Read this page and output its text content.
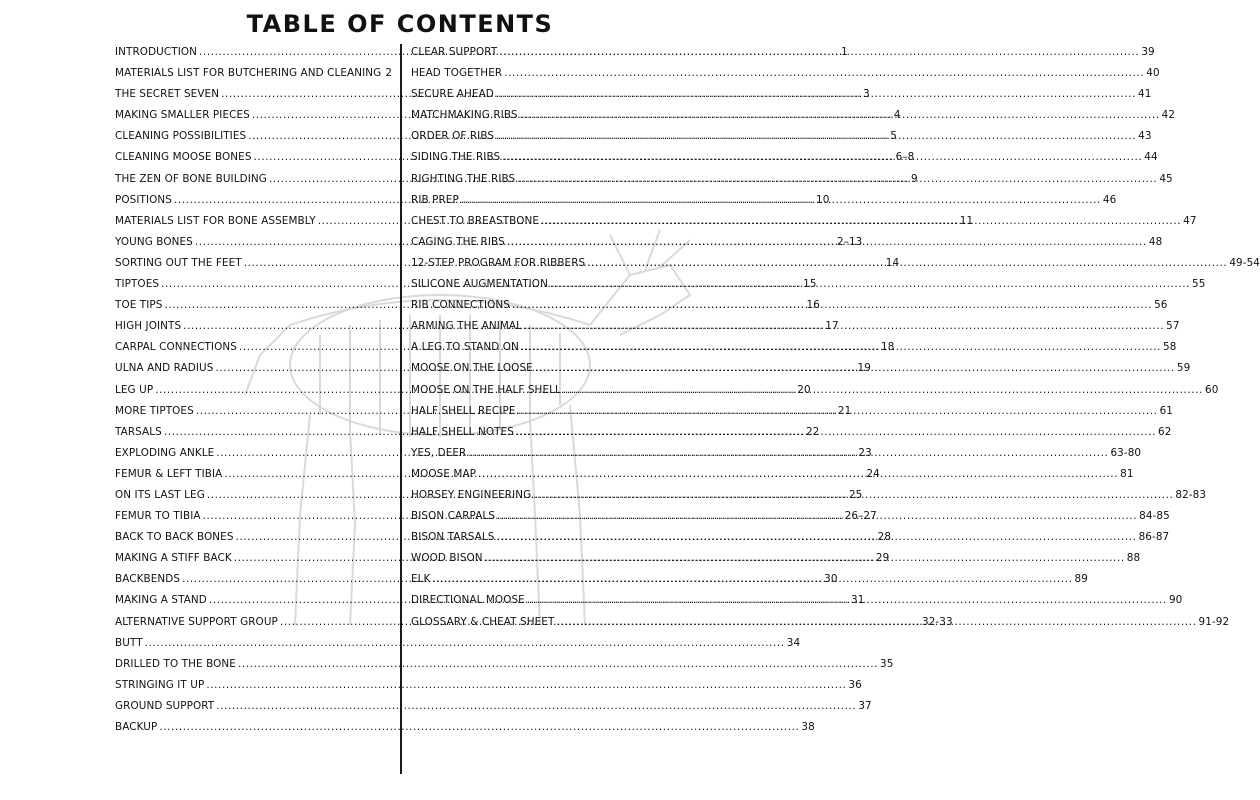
TABLE OF CONTENTS
INTRODUCTION .....	1
MATERIALS LIST FOR BUTCHERING AND CLEANING 2
THE SECRET SEVEN .....	3
MAKING SMALLER PIECES .....	4
CLEANING POSSIBILITIES .....	5
CLEANING MOOSE BONES .....	6–8
THE ZEN OF BONE BUILDING .....	9
POSITIONS .....	10
MATERIALS LIST FOR BONE ASSEMBLY .....	11
YOUNG BONES .....	2–13
SORTING OUT THE FEET .....	14
TIPTOES .....	15
TOE TIPS .....	16
HIGH JOINTS .....	17
CARPAL CONNECTIONS .....	18
ULNA AND RADIUS .....	19
LEG UP .....	20
MORE TIPTOES .....	21
TARSALS .....	22
EXPLODING ANKLE .....	23
FEMUR & LEFT TIBIA .....	24
ON ITS LAST LEG .....	25
FEMUR TO TIBIA .....	26–27
BACK TO BACK BONES .....	28
MAKING A STIFF BACK .....	29
BACKBENDS .....	30
MAKING A STAND .....	31
ALTERNATIVE SUPPORT GROUP .....	32-33
BUTT .....	34
DRILLED TO THE BONE .....	35
STRINGING IT UP .....	36
GROUND SUPPORT .....	37
BACKUP .....	38
CLEAR SUPPORT .....	39
HEAD TOGETHER .....	40
SECURE AHEAD .....	41
MATCHMAKING RIBS .....	42
ORDER OF RIBS .....	43
SIDING THE RIBS .....	44
RIGHTING THE RIBS .....	45
RIB PREP .....	46
CHEST TO BREASTBONE .....	47
CAGING THE RIBS .....	48
12-STEP PROGRAM FOR RIBBERS .....	49-54
SILICONE AUGMENTATION .....	55
RIB CONNECTIONS .....	56
ARMING THE ANIMAL .....	57
A LEG TO STAND ON .....	58
MOOSE ON THE LOOSE .....	59
MOOSE ON THE HALF SHELL .....	60
HALF SHELL RECIPE .....	61
HALF SHELL NOTES .....	62
YES, DEER .....	63-80
MOOSE MAP .....	81
HORSEY ENGINEERING .....	82-83
BISON CARPALS .....	84-85
BISON TARSALS .....	86-87
WOOD BISON .....	88
ELK .....	89
DIRECTIONAL MOOSE .....	90
GLOSSARY & CHEAT SHEET .....	91-92
